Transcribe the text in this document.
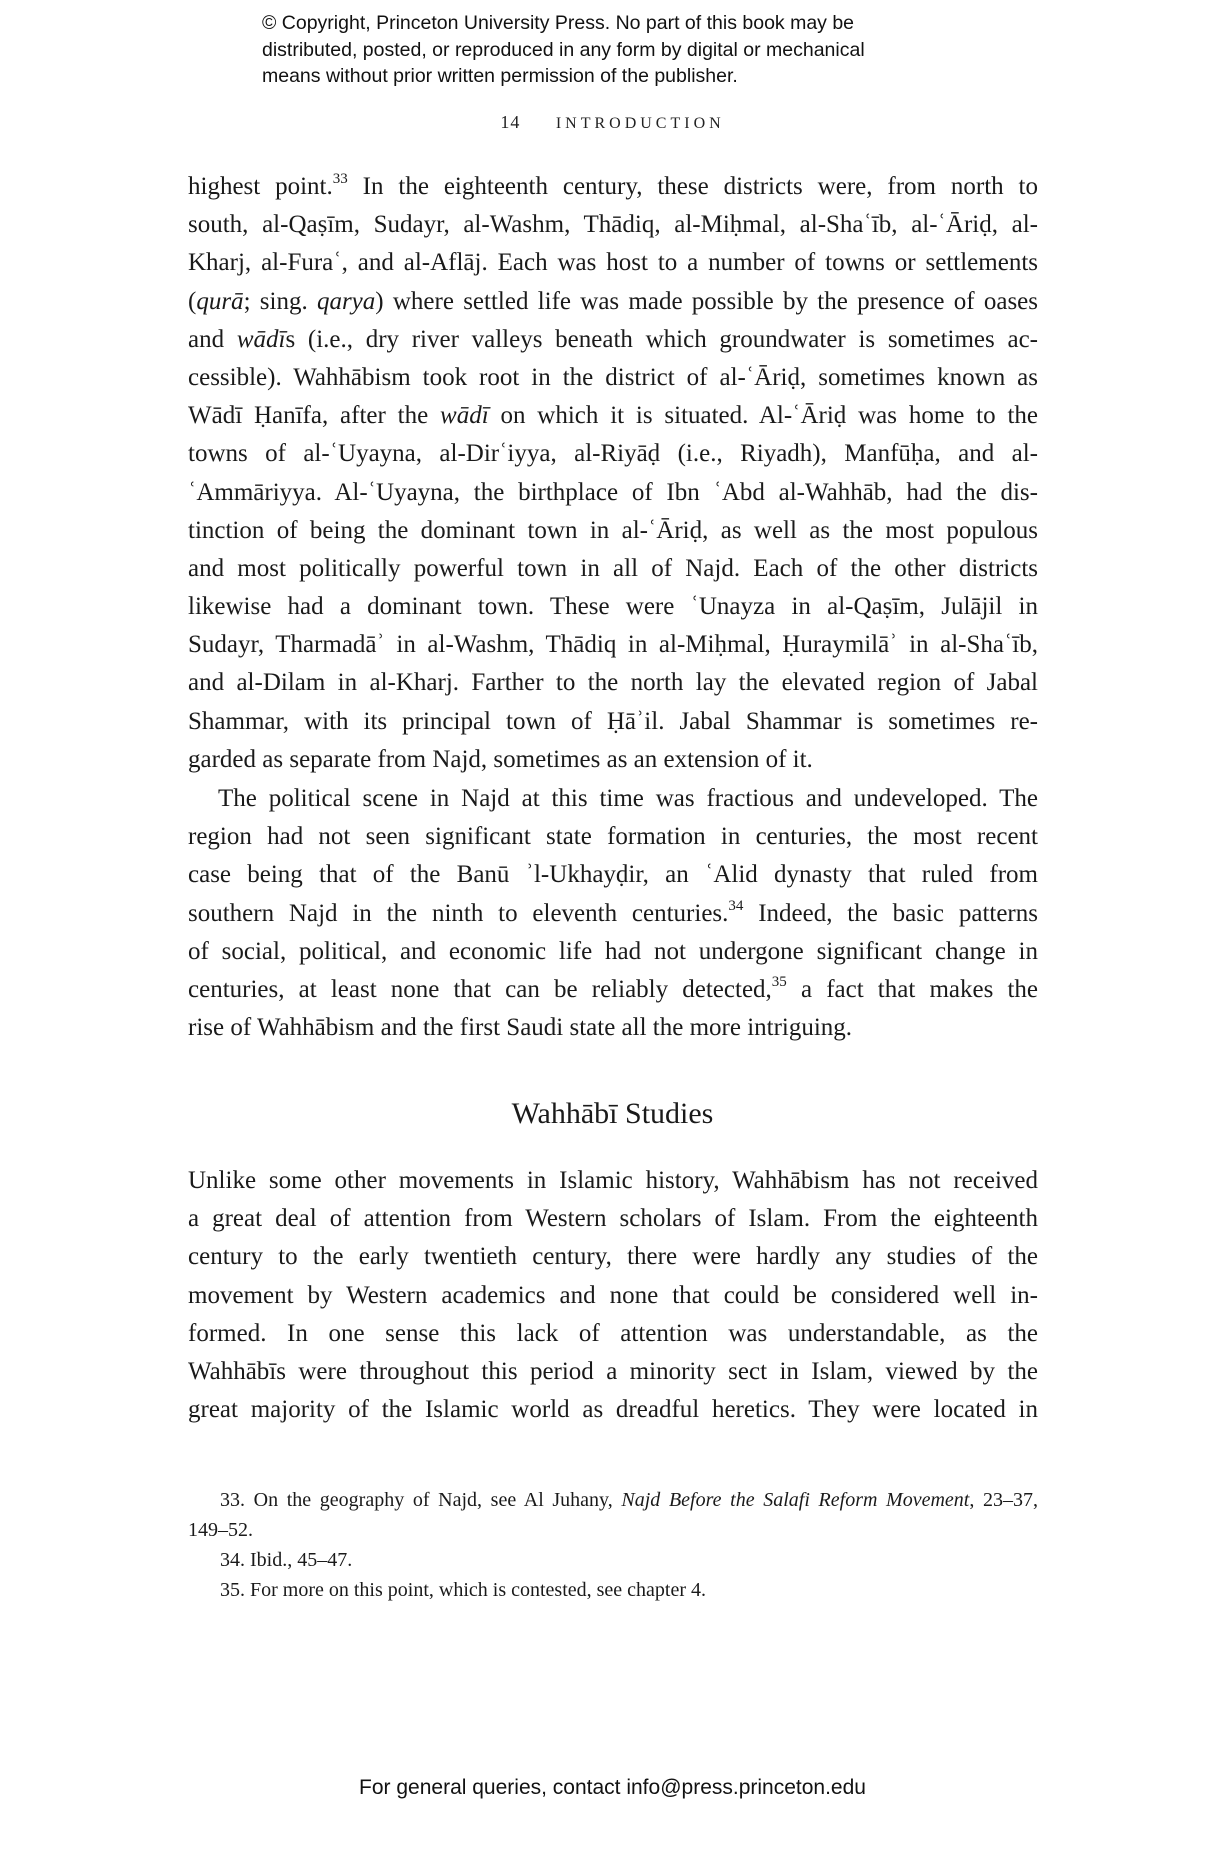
© Copyright, Princeton University Press. No part of this book may be
distributed, posted, or reproduced in any form by digital or mechanical
means without prior written permission of the publisher.
14 INTRODUCTION
highest point.$^{33}$ In the eighteenth century, these districts were, from north to
south, al-Qaṣīm, Sudayr, al-Washm, Thādiq, al-Miḥmal, al-Shaʿīb, al-ʿĀriḍ, al-
Kharj, al-Furaʿ, and al-Aflāj. Each was host to a number of towns or settlements
(qurā; sing. qarya) where settled life was made possible by the presence of oases
and wādīs (i.e., dry river valleys beneath which groundwater is sometimes ac-
cessible). Wahhābism took root in the district of al-ʿĀriḍ, sometimes known as
Wādī Ḥanīfa, after the wādī on which it is situated. Al-ʿĀriḍ was home to the
towns of al-ʿUyayna, al-Dirʿiyya, al-Riyāḍ (i.e., Riyadh), Manfūḥa, and al-
ʿAmmāriyya. Al-ʿUyayna, the birthplace of Ibn ʿAbd al-Wahhāb, had the dis-
tinction of being the dominant town in al-ʿĀriḍ, as well as the most populous
and most politically powerful town in all of Najd. Each of the other districts
likewise had a dominant town. These were ʿUnayza in al-Qaṣīm, Julājil in
Sudayr, Tharmadāʾ in al-Washm, Thādiq in al-Miḥmal, Ḥuraymilāʾ in al-Shaʿīb,
and al-Dilam in al-Kharj. Farther to the north lay the elevated region of Jabal
Shammar, with its principal town of Ḥāʾil. Jabal Shammar is sometimes re-
garded as separate from Najd, sometimes as an extension of it.
The political scene in Najd at this time was fractious and undeveloped. The
region had not seen significant state formation in centuries, the most recent
case being that of the Banū ʾl-Ukhayḍir, an ʿAlid dynasty that ruled from
southern Najd in the ninth to eleventh centuries.$^{34}$ Indeed, the basic patterns
of social, political, and economic life had not undergone significant change in
centuries, at least none that can be reliably detected,$^{35}$ a fact that makes the
rise of Wahhābism and the first Saudi state all the more intriguing.
Wahhābī Studies
Unlike some other movements in Islamic history, Wahhābism has not received
a great deal of attention from Western scholars of Islam. From the eighteenth
century to the early twentieth century, there were hardly any studies of the
movement by Western academics and none that could be considered well in-
formed. In one sense this lack of attention was understandable, as the
Wahhābīs were throughout this period a minority sect in Islam, viewed by the
great majority of the Islamic world as dreadful heretics. They were located in
33. On the geography of Najd, see Al Juhany, Najd Before the Salafi Reform Movement, 23–37,
149–52.
34. Ibid., 45–47.
35. For more on this point, which is contested, see chapter 4.
For general queries, contact info@press.princeton.edu
